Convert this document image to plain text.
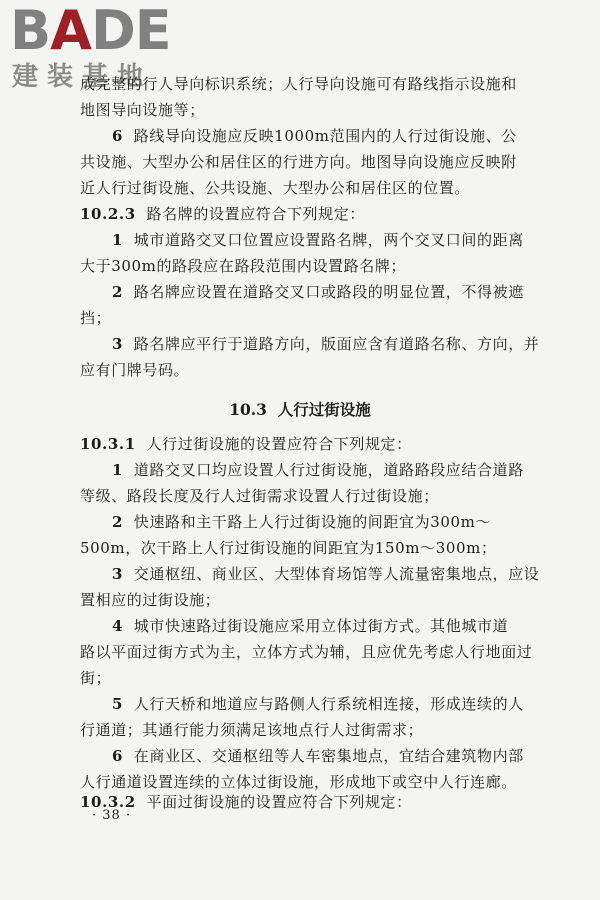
BADE
建装基地
成完整的行人导向标识系统；人行导向设施可有路线指示设施和
地图导向设施等；
6 路线导向设施应反映1000m范围内的人行过街设施、公
共设施、大型办公和居住区的行进方向。地图导向设施应反映附
近人行过街设施、公共设施、大型办公和居住区的位置。
10.2.3 路名牌的设置应符合下列规定：
1 城市道路交叉口位置应设置路名牌，两个交叉口间的距离
大于300m的路段应在路段范围内设置路名牌；
2 路名牌应设置在道路交叉口或路段的明显位置，不得被遮
挡；
3 路名牌应平行于道路方向，版面应含有道路名称、方向，并
应有门牌号码。
10.3 人行过街设施
10.3.1 人行过街设施的设置应符合下列规定：
1 道路交叉口均应设置人行过街设施，道路路段应结合道路
等级、路段长度及行人过街需求设置人行过街设施；
2 快速路和主干路上人行过街设施的间距宜为300m～
500m，次干路上人行过街设施的间距宜为150m～300m；
3 交通枢纽、商业区、大型体育场馆等人流量密集地点，应设
置相应的过街设施；
4 城市快速路过街设施应采用立体过街方式。其他城市道
路以平面过街方式为主，立体方式为辅，且应优先考虑人行地面过
街；
5 人行天桥和地道应与路侧人行系统相连接，形成连续的人
行通道；其通行能力须满足该地点行人过街需求；
6 在商业区、交通枢纽等人车密集地点，宜结合建筑物内部
人行通道设置连续的立体过街设施，形成地下或空中人行连廊。
10.3.2 平面过街设施的设置应符合下列规定：
· 38 ·
